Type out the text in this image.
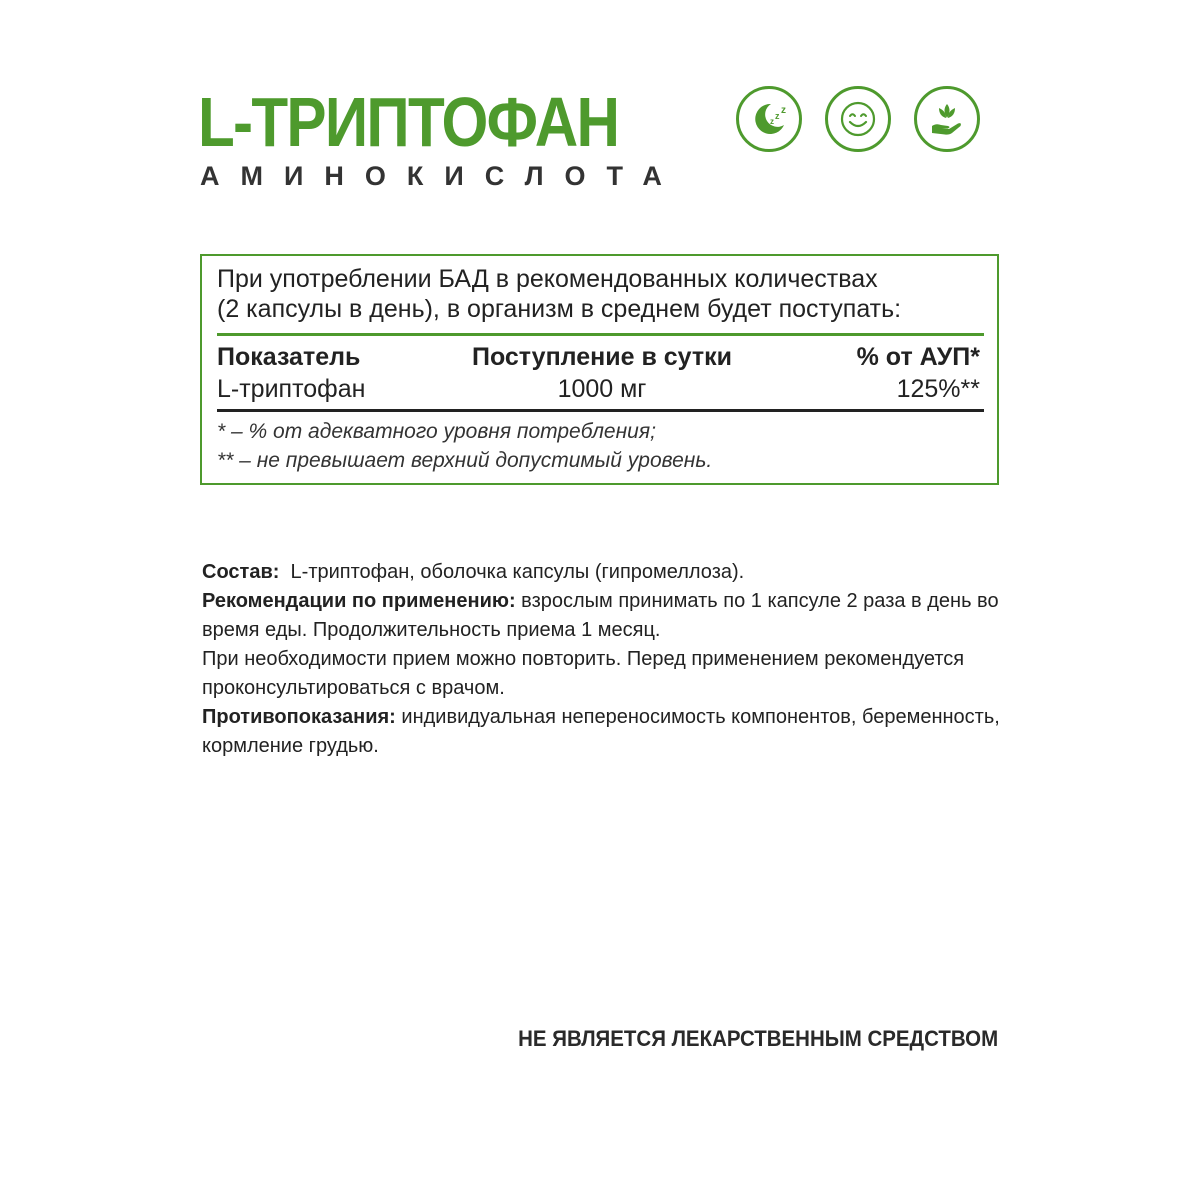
L-ТРИПТОФАН
АМИНОКИСЛОТА
z
z z
При употреблении БАД в рекомендованных количествах
(2 капсулы в день), в организм в среднем будет поступать:
Показатель	Поступление в сутки	% от АУП*
L-триптофан	1000 мг	125%**
* – % от адекватного уровня потребления;
** – не превышает верхний допустимый уровень.

Состав: L-триптофан, оболочка капсулы (гипромеллоза).

Рекомендации по применению: взрослым принимать по 1 капсуле 2 раза в день во время еды. Продолжительность приема 1 месяц.

При необходимости прием можно повторить. Перед применением рекомендуется проконсультироваться с врачом.

Противопоказания: индивидуальная непереносимость компонентов, беременность, кормление грудью.

НЕ ЯВЛЯЕТСЯ ЛЕКАРСТВЕННЫМ СРЕДСТВОМ
